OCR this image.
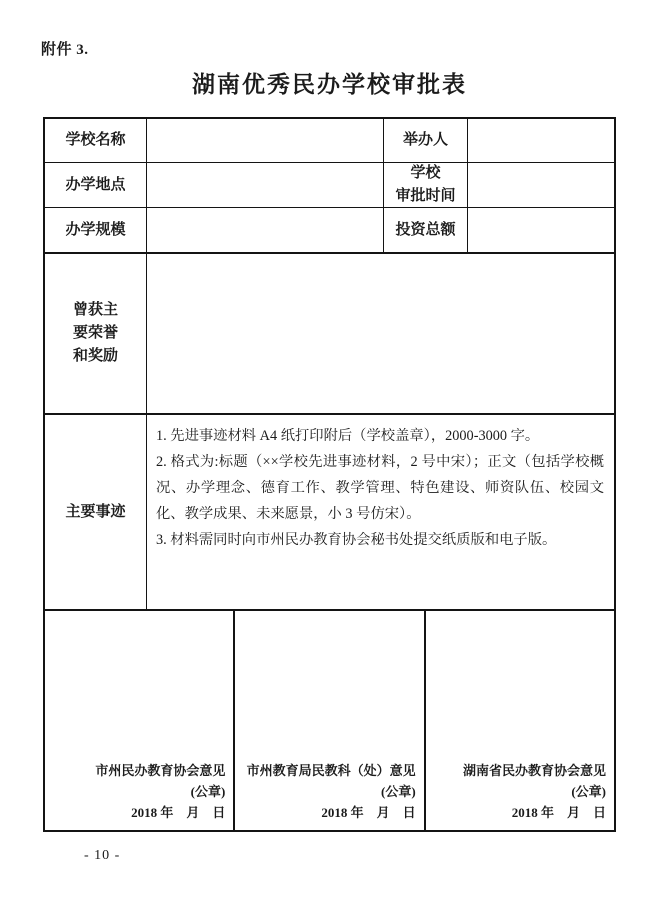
附件 3.
湖南优秀民办学校审批表
学校名称	举办人
办学地点
学校
审批时间
办学规模	投资总额
曾获主
要荣誉
和奖励
主要事迹

1. 先进事迹材料 A4 纸打印附后（学校盖章），2000-3000 字。

2. 格式为:标题（××学校先进事迹材料，2 号中宋）；正文（包括学校概况、办学理念、德育工作、教学管理、特色建设、师资队伍、校园文化、教学成果、未来愿景，小 3 号仿宋）。

3. 材料需同时向市州民办教育协会秘书处提交纸质版和电子版。

市州民办教育协会意见
(公章)
2018 年　月　日
市州教育局民教科（处）意见
(公章)
2018 年　月　日
湖南省民办教育协会意见
(公章)
2018 年　月　日
- 10 -
